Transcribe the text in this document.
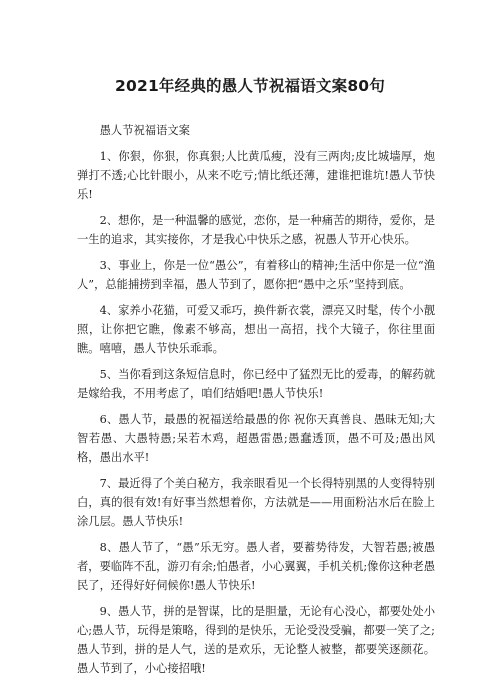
2021年经典的愚人节祝福语文案80句

愚人节祝福语文案

1、你狠，你狠，你真狠;人比黄瓜瘦，没有三两肉;皮比城墙厚，炮弹打不透;心比针眼小，从来不吃亏;情比纸还薄，建谁把谁坑!愚人节快乐!

2、想你，是一种温馨的感觉，恋你，是一种痛苦的期待，爱你，是一生的追求，其实接你，才是我心中快乐之感，祝愚人节开心快乐。

3、事业上，你是一位“愚公”，有着移山的精神;生活中你是一位“渔人”，总能捕捞到幸福，愚人节到了，愿你把“愚中之乐”坚持到底。

4、家养小花猫，可爱又乖巧，换件新衣裳，漂亮又时髦，传个小靓照，让你把它瞧，像素不够高，想出一高招，找个大镜子，你往里面瞧。嘻嘻，愚人节快乐乖乖。

5、当你看到这条短信息时，你已经中了猛烈无比的爱毒，的解药就是嫁给我，不用考虑了，咱们结婚吧!愚人节快乐!

6、愚人节，最愚的祝福送给最愚的你 祝你天真善良、愚昧无知;大智若愚、大愚特愚;呆若木鸡，超愚雷愚;愚蠢透顶，愚不可及;愚出风格，愚出水平!

7、最近得了个美白秘方，我亲眼看见一个长得特别黑的人变得特别白，真的很有效!有好事当然想着你，方法就是——用面粉沾水后在脸上涂几层。愚人节快乐!

8、愚人节了，“愚”乐无穷。愚人者，要蓄势待发，大智若愚;被愚者，要临阵不乱，游刃有余;怕愚者，小心翼翼，手机关机;像你这种老愚民了，还得好好伺候你!愚人节快乐!

9、愚人节，拼的是智谋，比的是胆量，无论有心没心，都要处处小心;愚人节，玩得是策略，得到的是快乐，无论受没受骗，都要一笑了之;愚人节到，拼的是人气，送的是欢乐，无论整人被整，都要笑逐颜花。愚人节到了，小心接招哦!
